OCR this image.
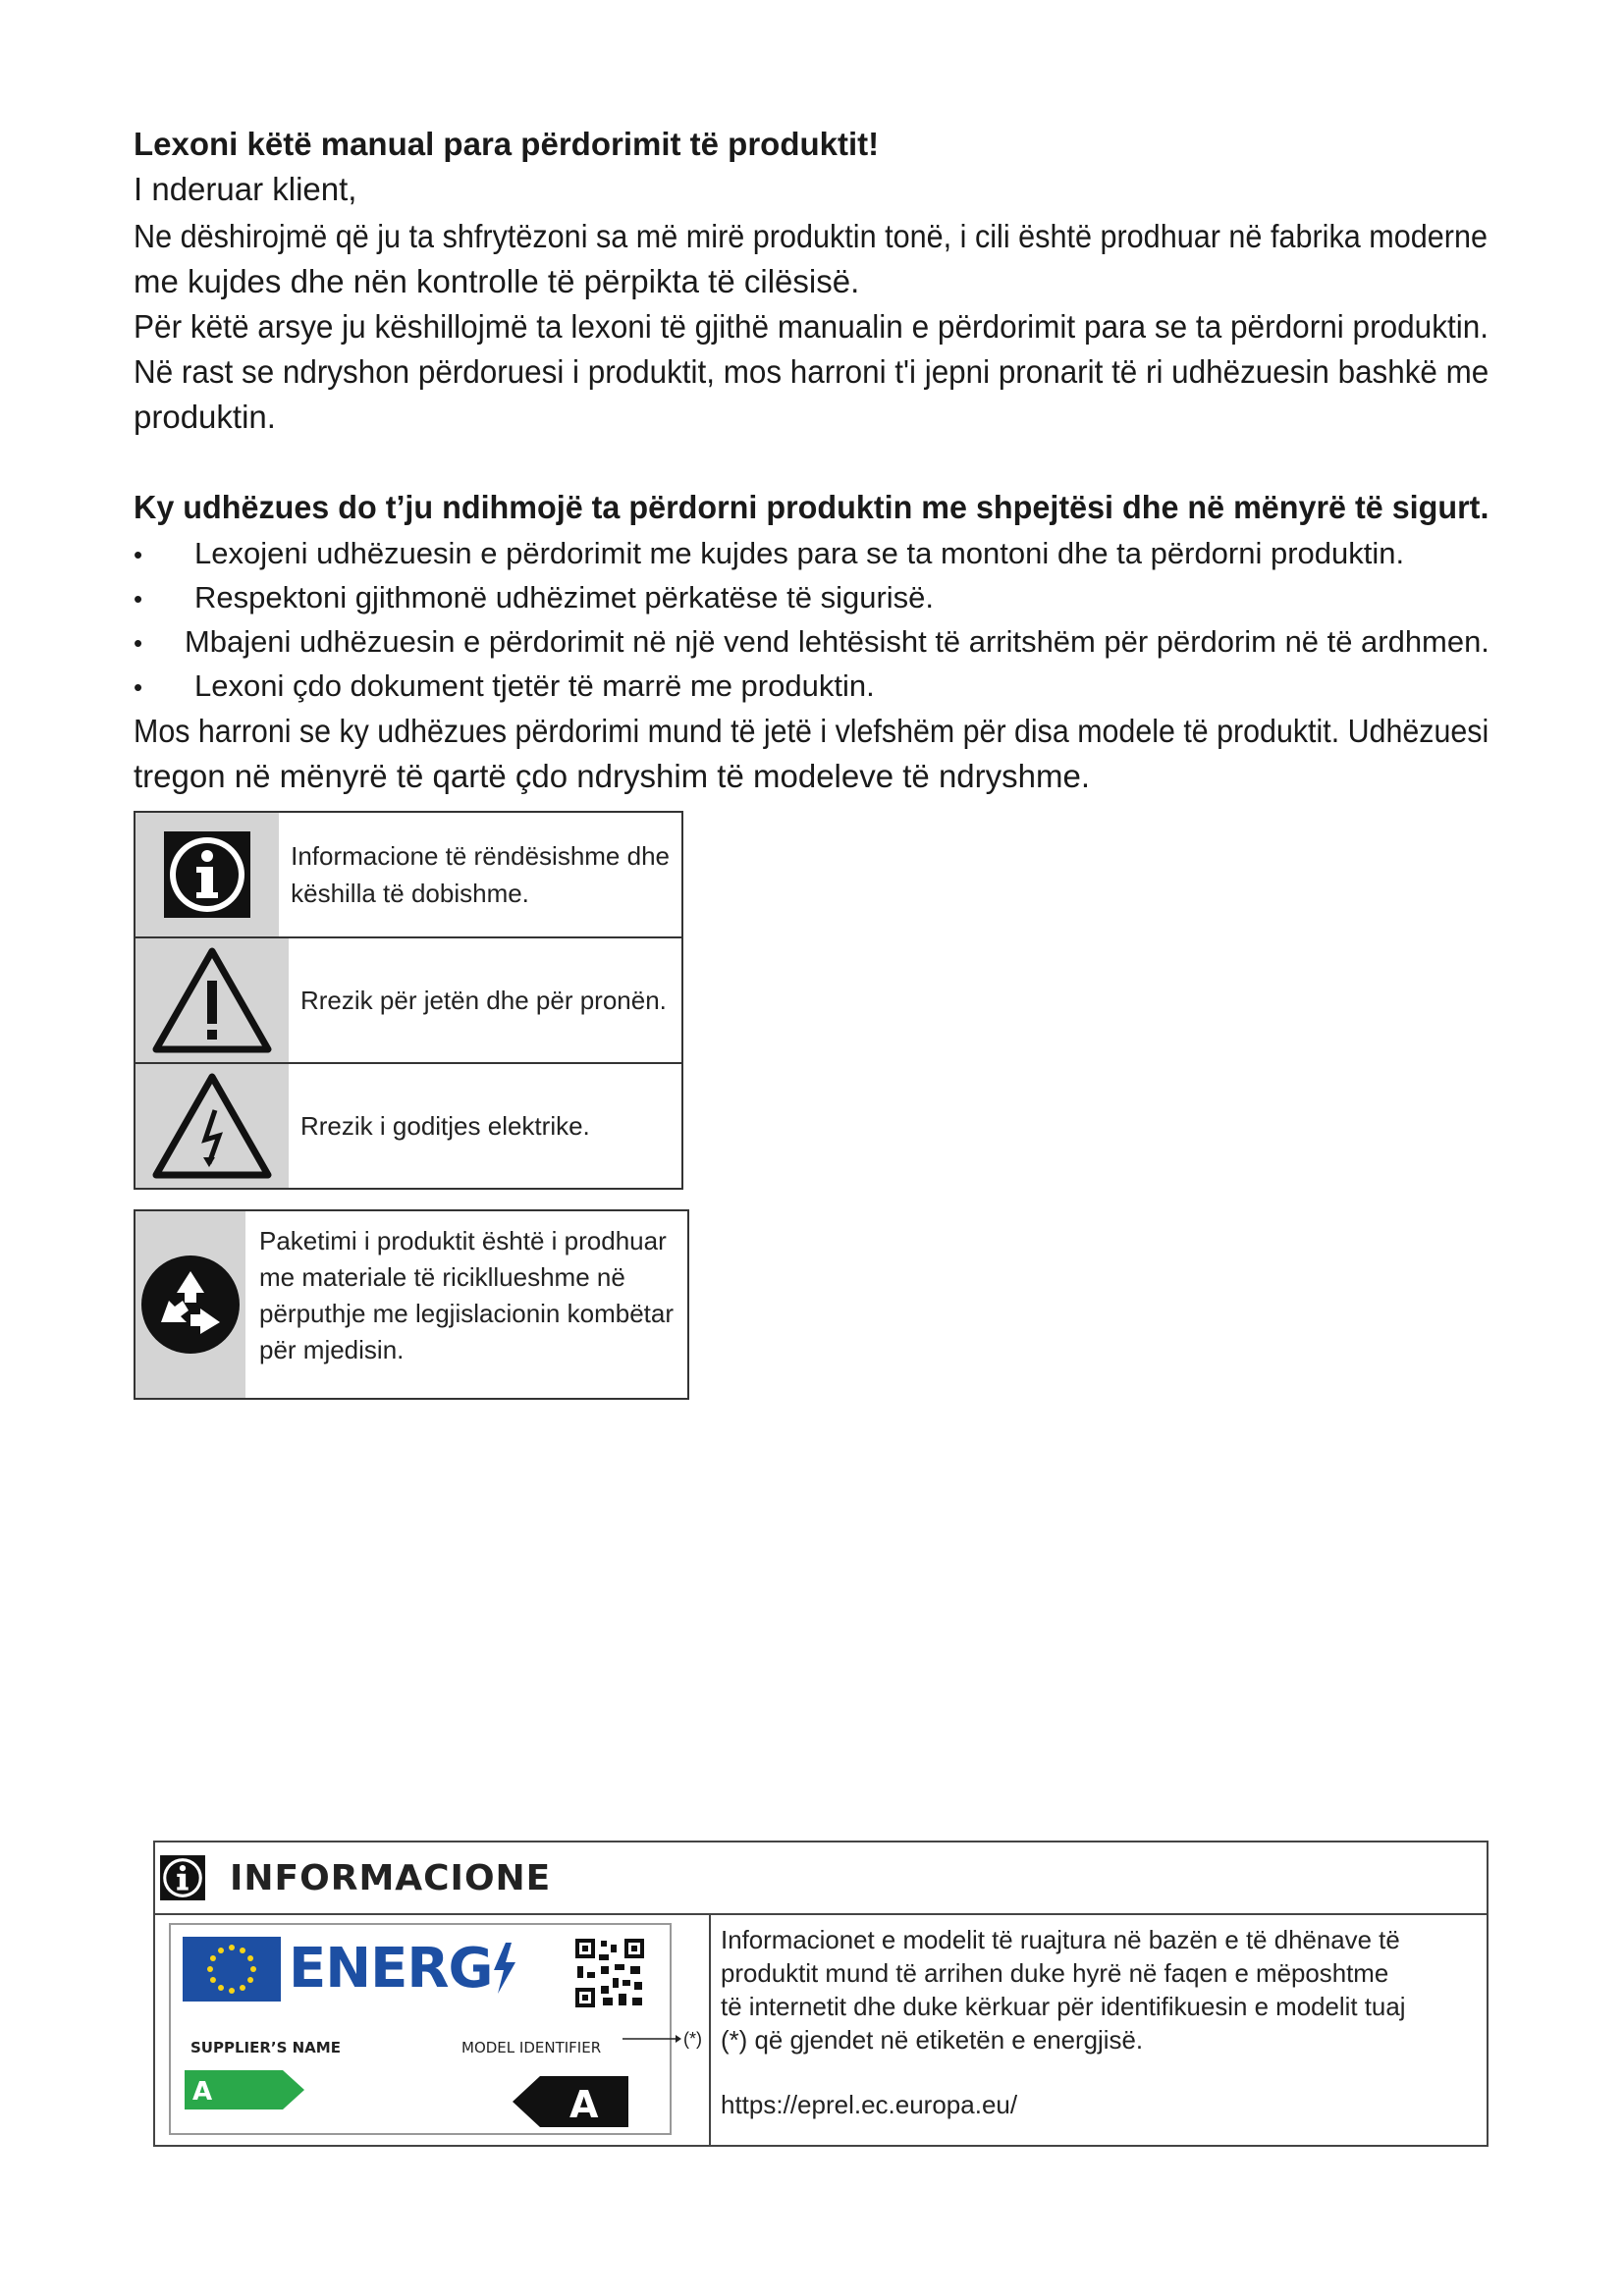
Lexoni këtë manual para përdorimit të produktit!
I nderuar klient,
Ne dëshirojmë që ju ta shfrytëzoni sa më mirë produktin tonë, i cili është prodhuar në fabrika moderne
me kujdes dhe nën kontrolle të përpikta të cilësisë.
Për këtë arsye ju këshillojmë ta lexoni të gjithë manualin e përdorimit para se ta përdorni produktin.
Në rast se ndryshon përdoruesi i produktit, mos harroni t'i jepni pronarit të ri udhëzuesin bashkë me
produktin.
Ky udhëzues do t’ju ndihmojë ta përdorni produktin me shpejtësi dhe në mënyrë të sigurt.
• Lexojeni udhëzuesin e përdorimit me kujdes para se ta montoni dhe ta përdorni produktin.
• Respektoni gjithmonë udhëzimet përkatëse të sigurisë.
• Mbajeni udhëzuesin e përdorimit në një vend lehtësisht të arritshëm për përdorim në të ardhmen.
• Lexoni çdo dokument tjetër të marrë me produktin.
Mos harroni se ky udhëzues përdorimi mund të jetë i vlefshëm për disa modele të produktit. Udhëzuesi
tregon në mënyrë të qartë çdo ndryshim të modeleve të ndryshme.
Informacione të rëndësishme dhe
këshilla të dobishme.
Rrezik për jetën dhe për pronën.
Rrezik i goditjes elektrike.
Paketimi i produktit është i prodhuar
me materiale të ricikllueshme në
përputhje me legjislacionin kombëtar
për mjedisin.
INFORMACIONE
ENERG
SUPPLIER’S NAME	MODEL IDENTIFIER
A	A
(*)
Informacionet e modelit të ruajtura në bazën e të dhënave të
produktit mund të arrihen duke hyrë në faqen e mëposhtme
të internetit dhe duke kërkuar për identifikuesin e modelit tuaj
(*) që gjendet në etiketën e energjisë.
https://eprel.ec.europa.eu/
